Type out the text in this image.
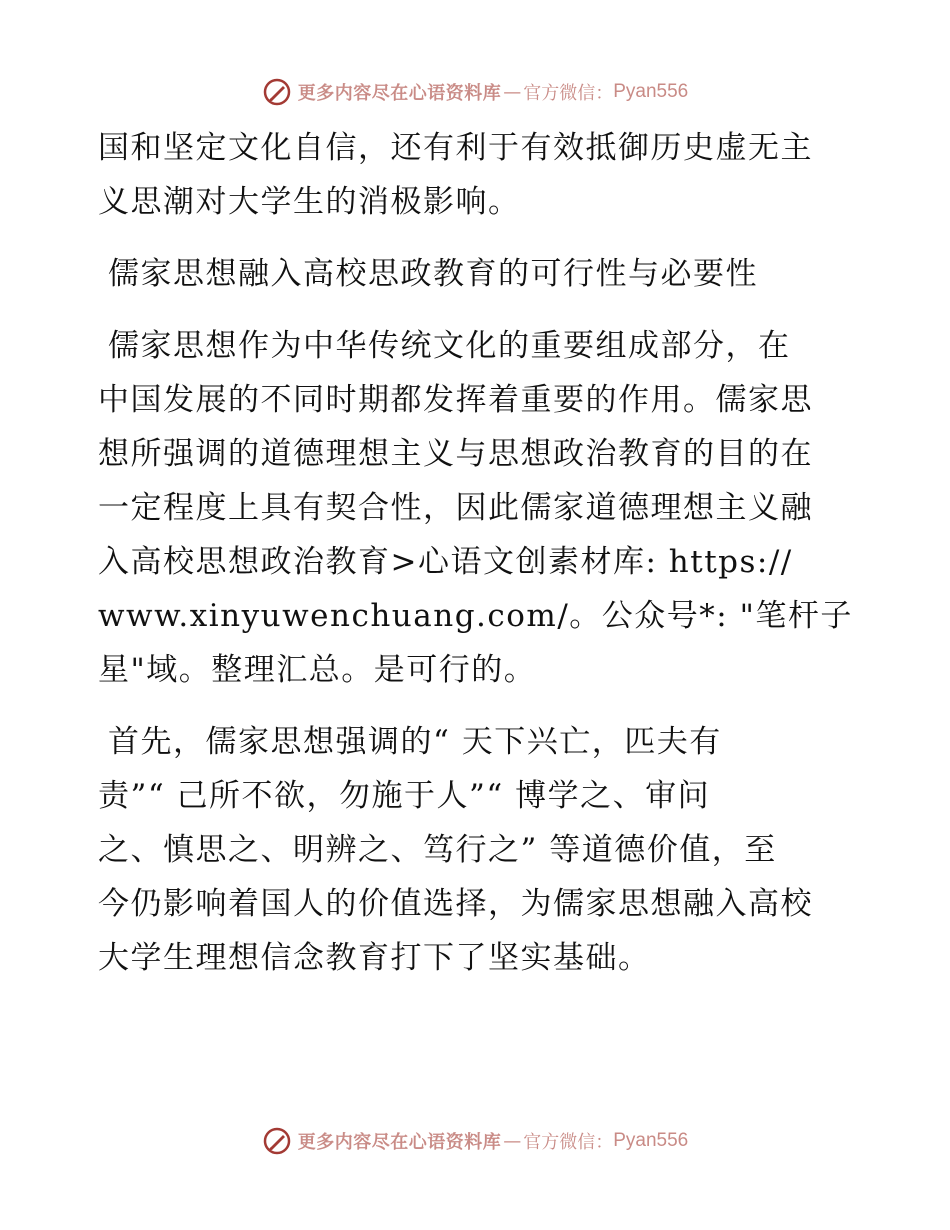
更多内容尽在心语资料库 — 官方微信： Pyan556

国和坚定文化自信，还有利于有效抵御历史虚无主
义思潮对大学生的消极影响。

儒家思想融入高校思政教育的可行性与必要性

儒家思想作为中华传统文化的重要组成部分，在
中国发展的不同时期都发挥着重要的作用。儒家思
想所强调的道德理想主义与思想政治教育的目的在
一定程度上具有契合性，因此儒家道德理想主义融
入高校思想政治教育>心语文创素材库: https://
www.xinyuwenchuang.com/。公众号*: "笔杆子
星"域。整理汇总。是可行的。

首先，儒家思想强调的“ 天下兴亡，匹夫有
责”“ 己所不欲，勿施于人”“ 博学之、审问
之、慎思之、明辨之、笃行之” 等道德价值，至
今仍影响着国人的价值选择，为儒家思想融入高校
大学生理想信念教育打下了坚实基础。

更多内容尽在心语资料库 — 官方微信： Pyan556
